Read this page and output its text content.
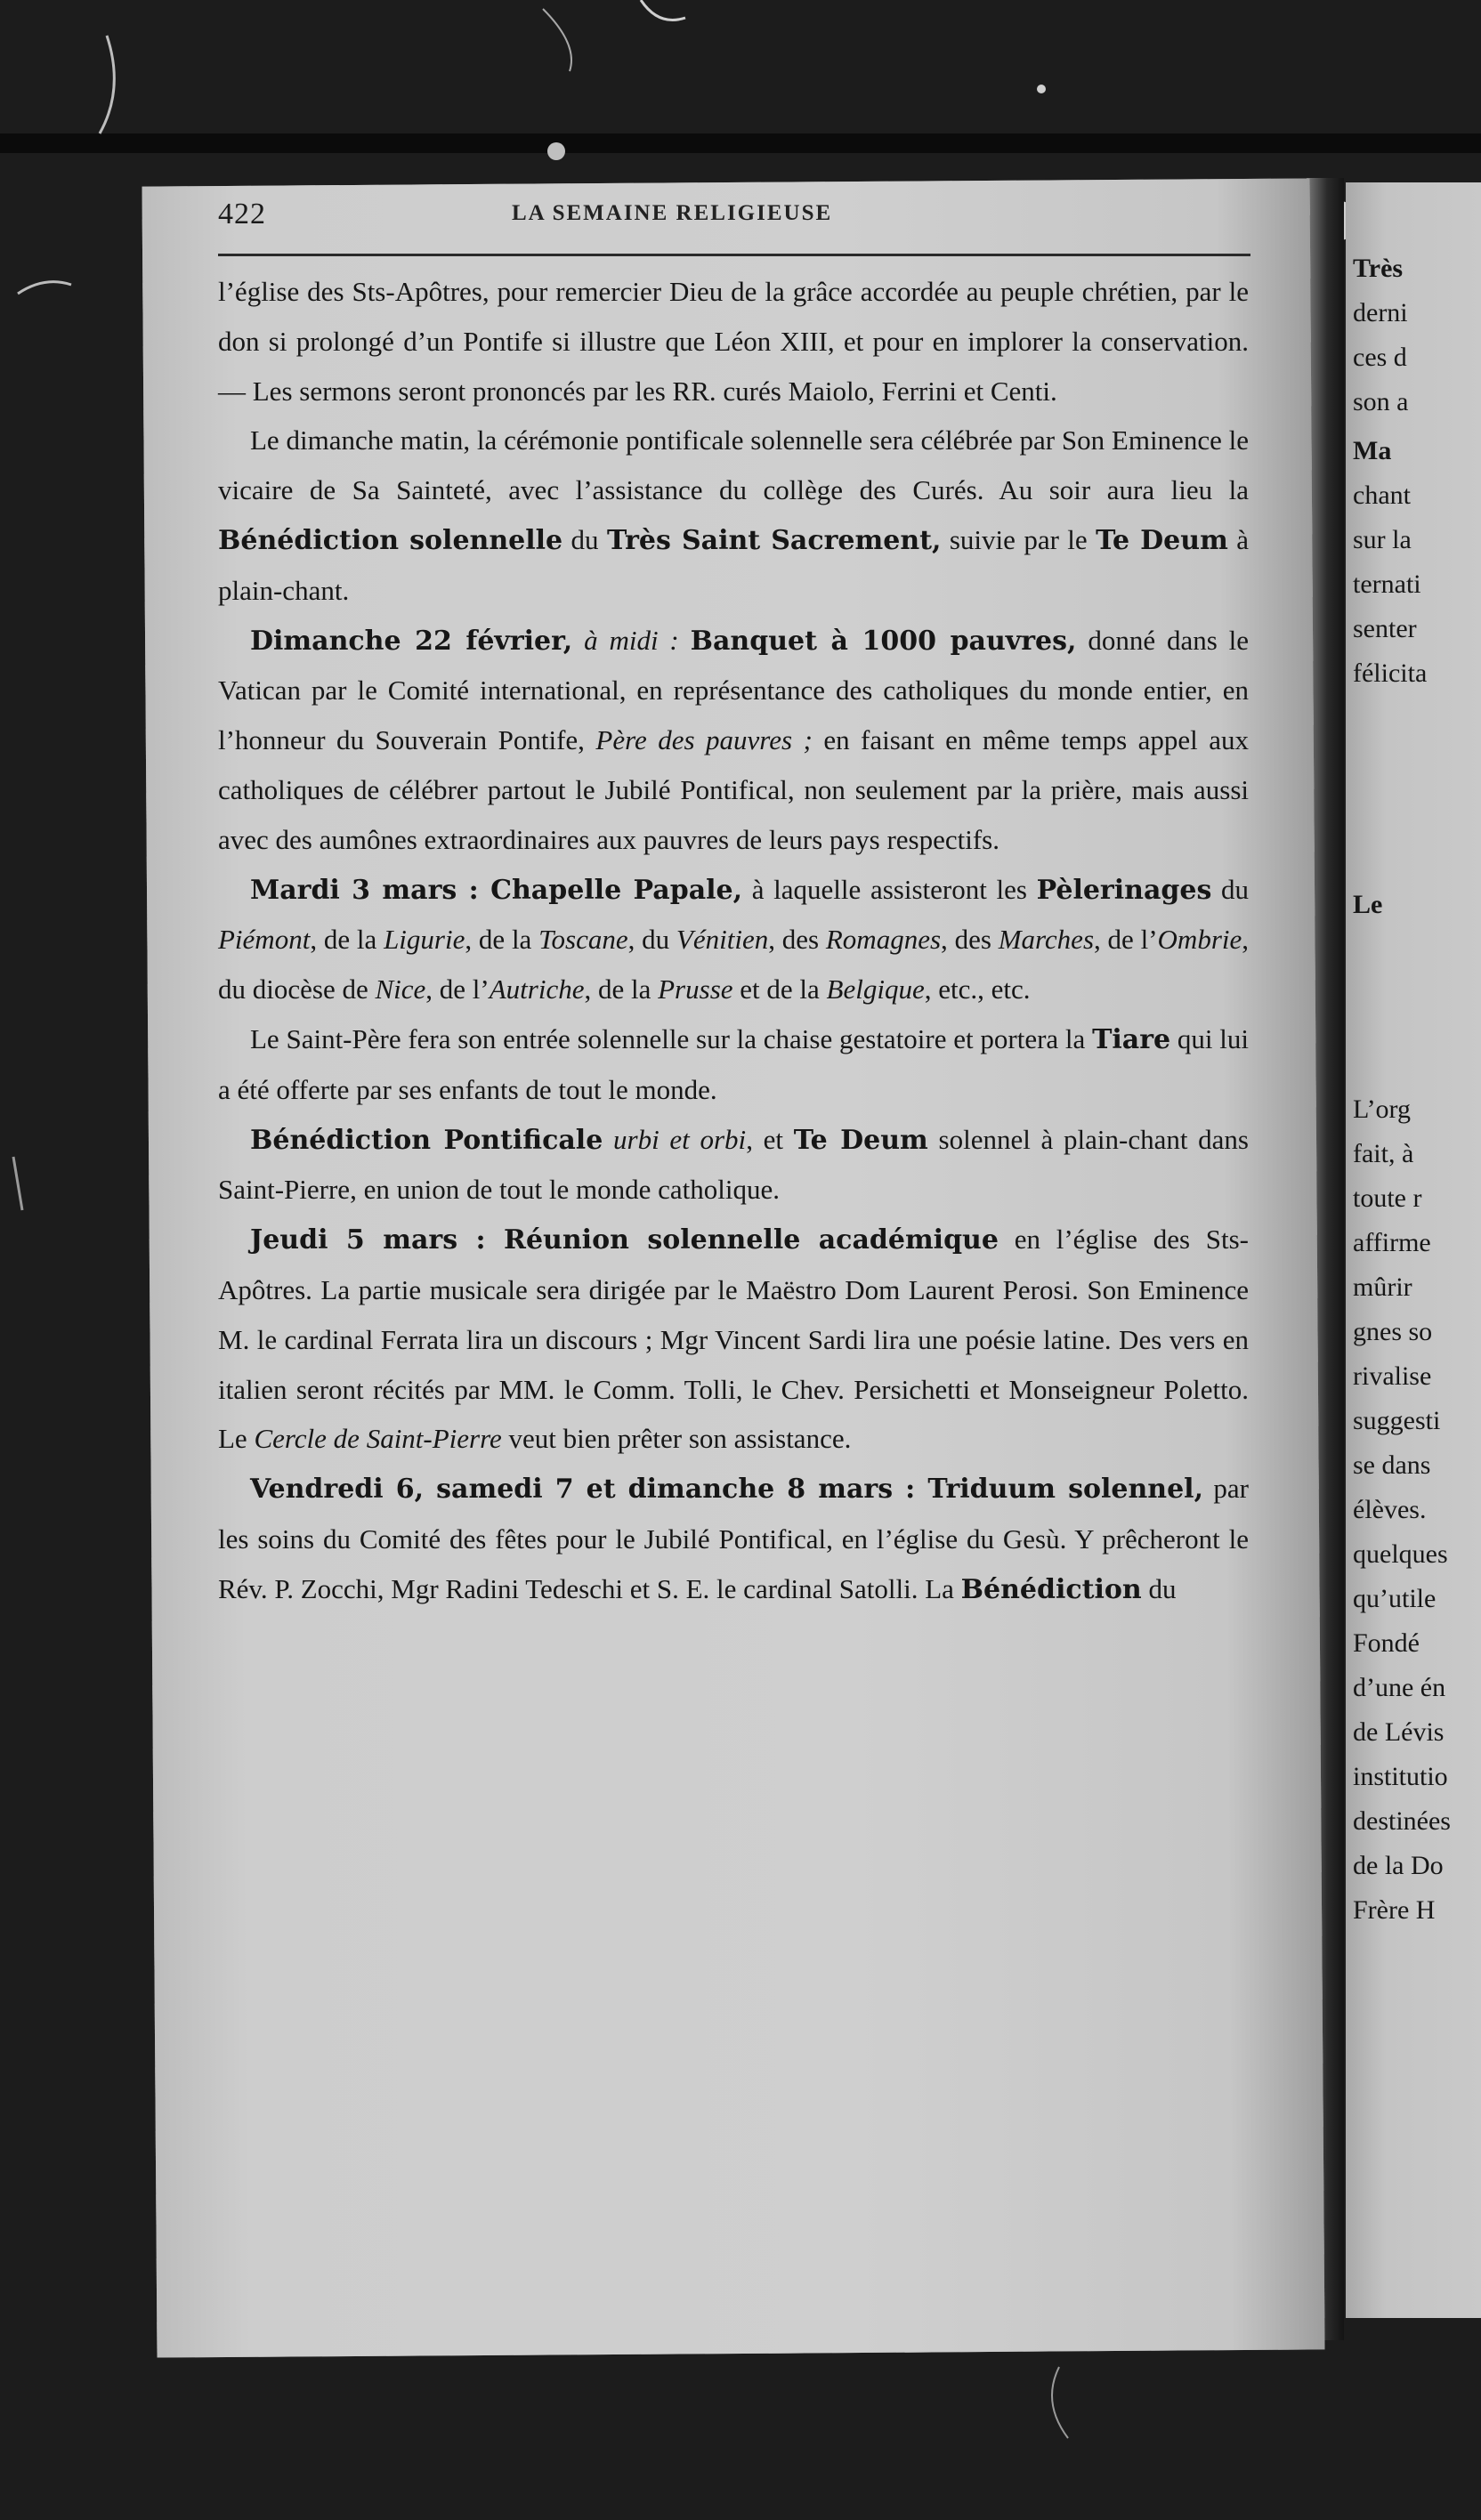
Très
derni
ces d
son a
Ma
chant
sur la
ternati
senter
félicita
Le
L’org
fait, à
toute r
affirme
mûrir
gnes so
rivalise
suggesti
se dans
élèves.
quelques
qu’utile
Fondé
d’une én
de Lévis
institutio
destinées
de la Do
Frère H
422	LA SEMAINE RELIGIEUSE

l’église des Sts-Apôtres, pour remercier Dieu de la grâce accordée au peuple chrétien, par le don si prolongé d’un Pontife si illustre que Léon XIII, et pour en implorer la conservation. — Les sermons seront prononcés par les RR. curés Maiolo, Ferrini et Centi.

Le dimanche matin, la cérémonie pontificale solennelle sera célébrée par Son Eminence le vicaire de Sa Sainteté, avec l’assistance du collège des Curés. Au soir aura lieu la Bénédiction solennelle du Très Saint Sacrement, suivie par le Te Deum à plain-chant.

Dimanche 22 février, à midi : Banquet à 1000 pauvres, donné dans le Vatican par le Comité international, en représentance des catholiques du monde entier, en l’honneur du Souverain Pontife, Père des pauvres ; en faisant en même temps appel aux catholiques de célébrer partout le Jubilé Pontifical, non seulement par la prière, mais aussi avec des aumônes extraordinaires aux pauvres de leurs pays respectifs.

Mardi 3 mars : Chapelle Papale, à laquelle assisteront les Pèlerinages du Piémont, de la Ligurie, de la Toscane, du Vénitien, des Romagnes, des Marches, de l’Ombrie, du diocèse de Nice, de l’Autriche, de la Prusse et de la Belgique, etc., etc.

Le Saint-Père fera son entrée solennelle sur la chaise gestatoire et portera la Tiare qui lui a été offerte par ses enfants de tout le monde.

Bénédiction Pontificale urbi et orbi, et Te Deum solennel à plain-chant dans Saint-Pierre, en union de tout le monde catholique.

Jeudi 5 mars : Réunion solennelle académique en l’église des Sts-Apôtres. La partie musicale sera dirigée par le Maëstro Dom Laurent Perosi. Son Eminence M. le cardinal Ferrata lira un discours ; Mgr Vincent Sardi lira une poésie latine. Des vers en italien seront récités par MM. le Comm. Tolli, le Chev. Persichetti et Monseigneur Poletto. Le Cercle de Saint-Pierre veut bien prêter son assistance.

Vendredi 6, samedi 7 et dimanche 8 mars : Triduum solennel, par les soins du Comité des fêtes pour le Jubilé Pontifical, en l’église du Gesù. Y prêcheront le Rév. P. Zocchi, Mgr Radini Tedeschi et S. E. le cardinal Satolli. La Bénédiction du
